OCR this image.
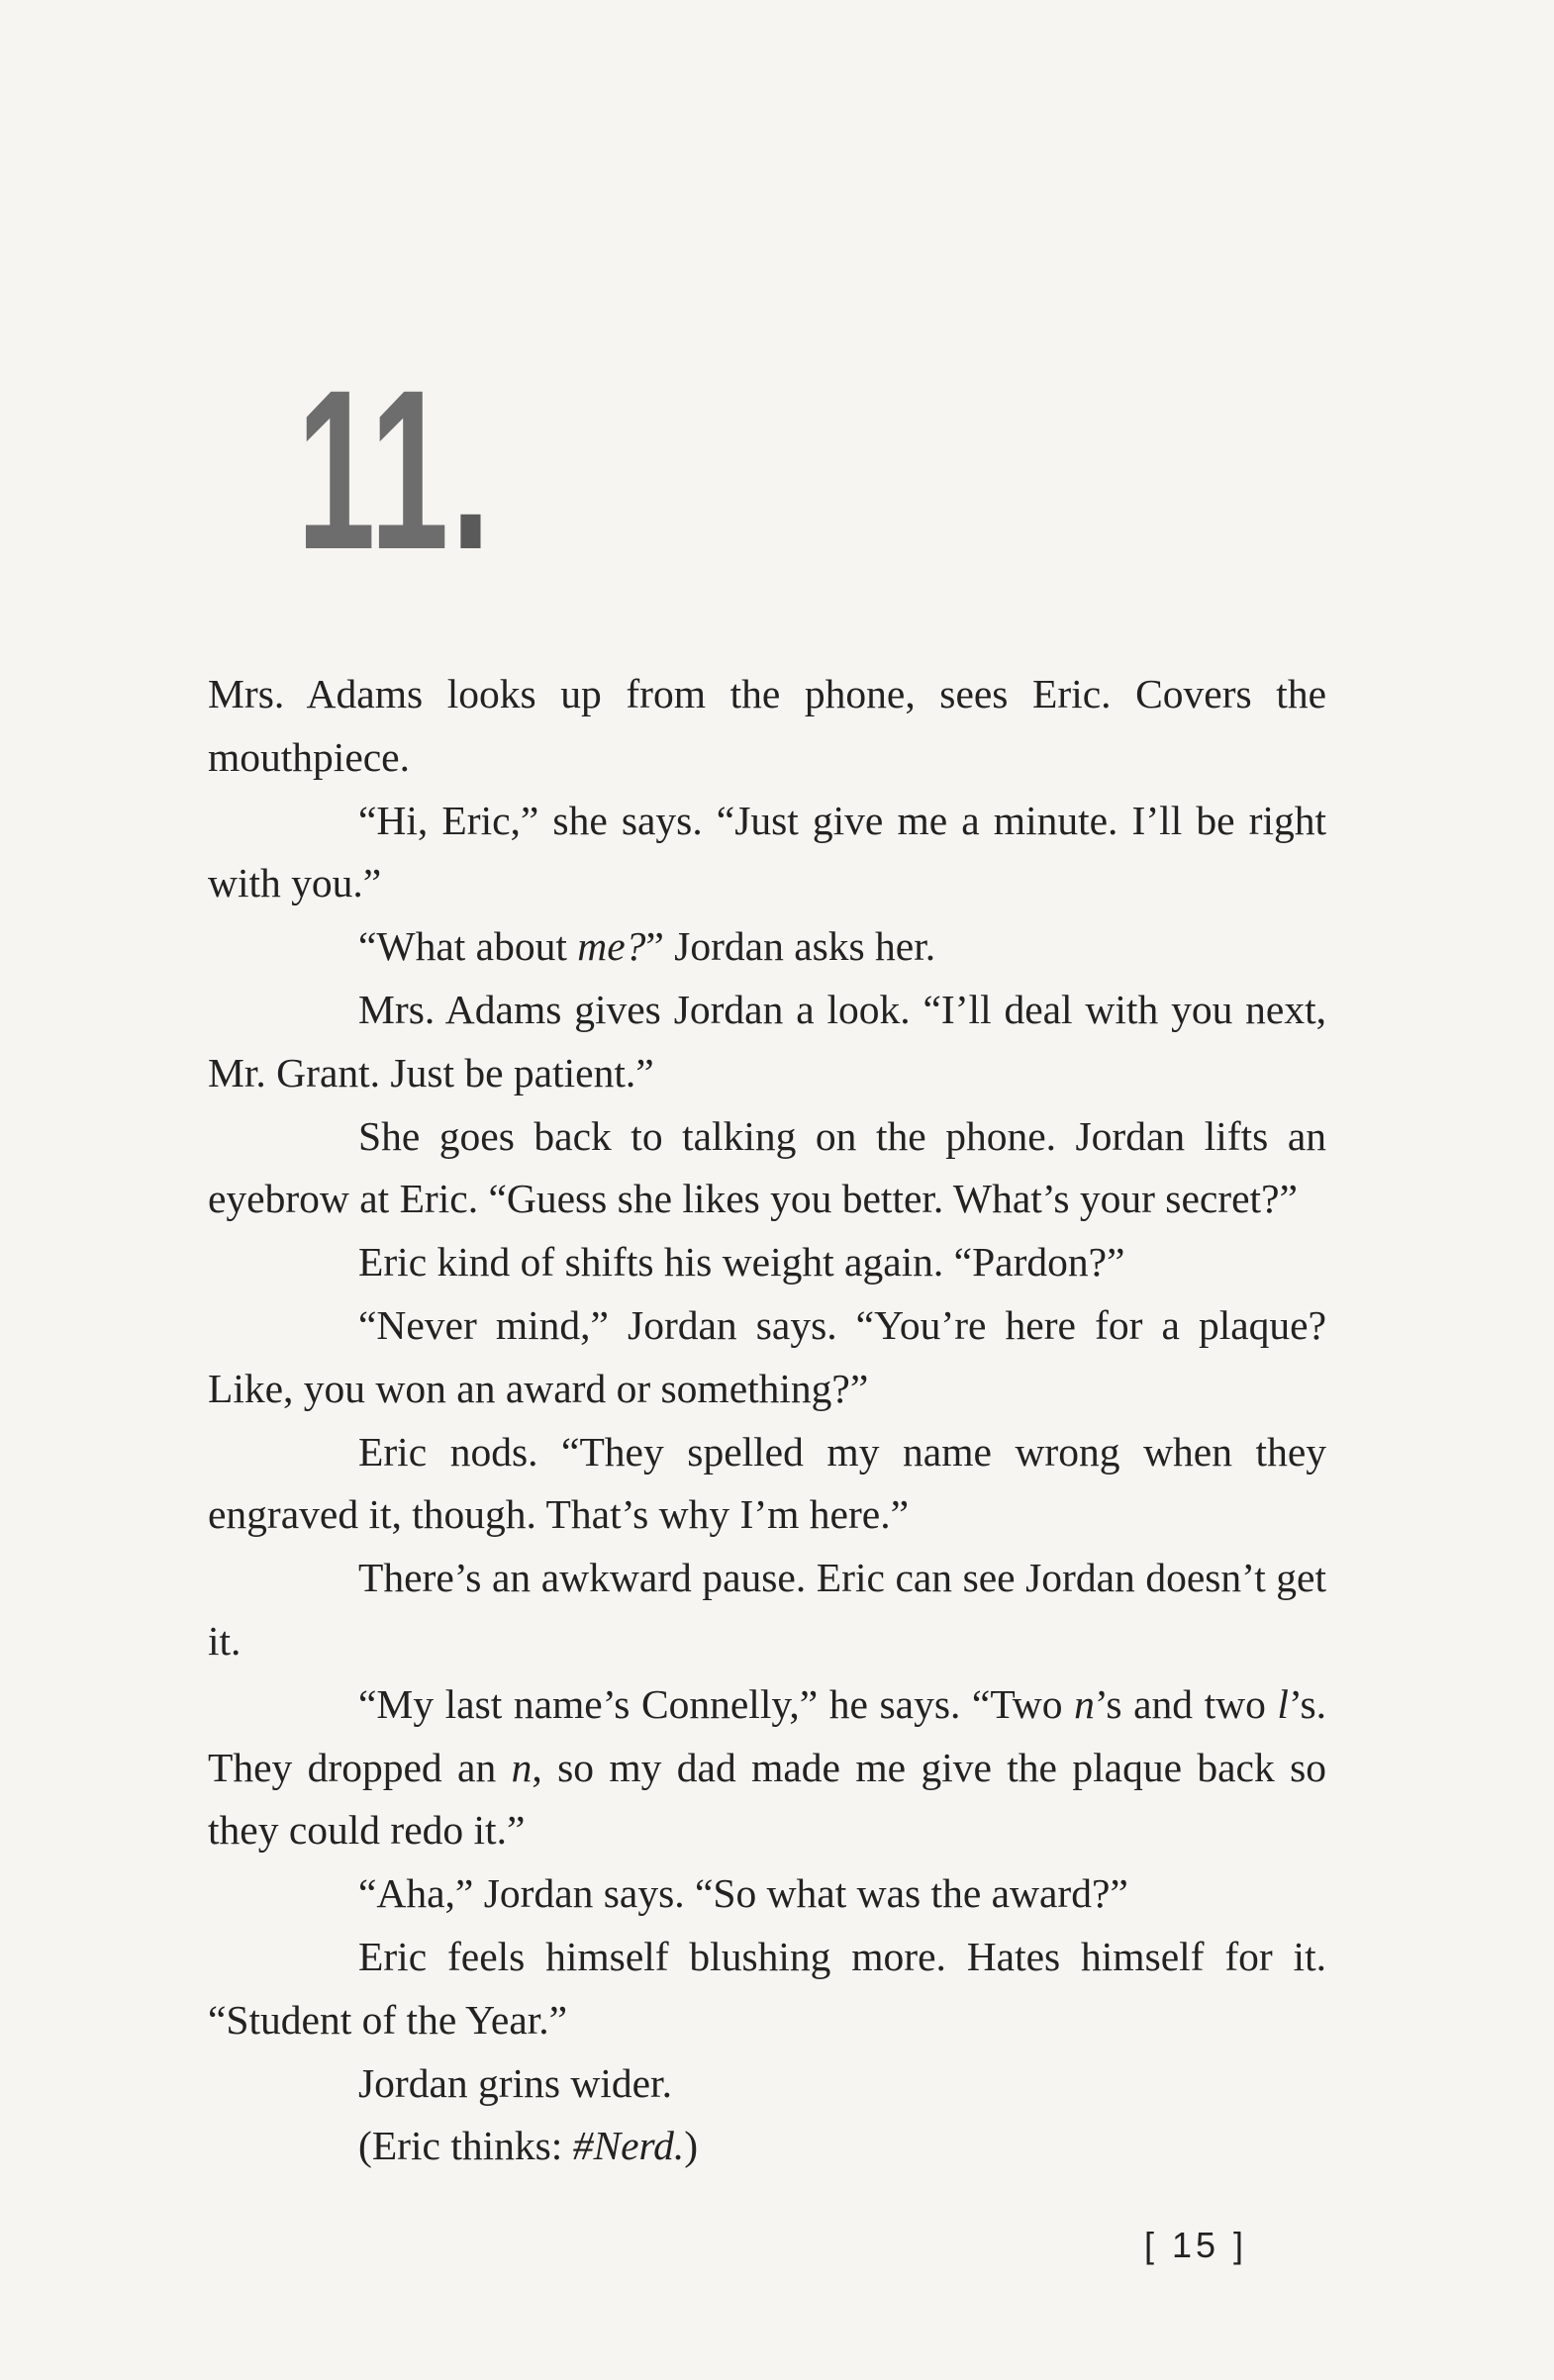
11.

Mrs. Adams looks up from the phone, sees Eric. Covers the mouthpiece.

“Hi, Eric,” she says. “Just give me a minute. I’ll be right with you.”

“What about me?” Jordan asks her.

Mrs. Adams gives Jordan a look. “I’ll deal with you next, Mr. Grant. Just be patient.”

She goes back to talking on the phone. Jordan lifts an eyebrow at Eric. “Guess she likes you better. What’s your secret?”

Eric kind of shifts his weight again. “Pardon?”

“Never mind,” Jordan says. “You’re here for a plaque? Like, you won an award or something?”

Eric nods. “They spelled my name wrong when they engraved it, though. That’s why I’m here.”

There’s an awkward pause. Eric can see Jordan doesn’t get it.

“My last name’s Connelly,” he says. “Two n’s and two l’s. They dropped an n, so my dad made me give the plaque back so they could redo it.”

“Aha,” Jordan says. “So what was the award?”

Eric feels himself blushing more. Hates himself for it. “Student of the Year.”

Jordan grins wider.

(Eric thinks: #Nerd.)

[ 15 ]
